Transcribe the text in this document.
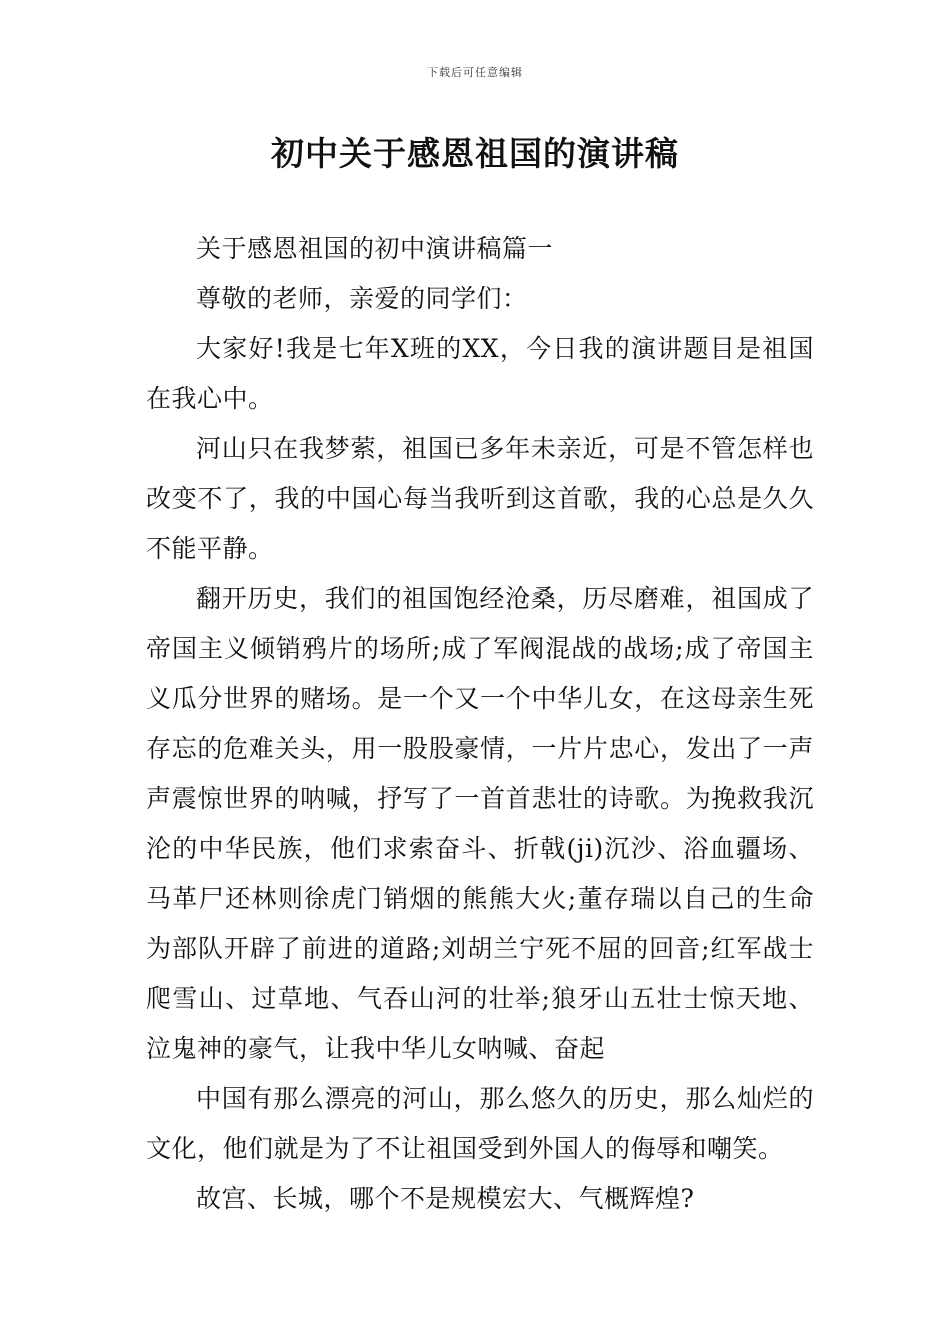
下载后可任意编辑
初中关于感恩祖国的演讲稿

关于感恩祖国的初中演讲稿篇一

尊敬的老师，亲爱的同学们：

大家好!我是七年X班的XX，今日我的演讲题目是祖国在我心中。

河山只在我梦萦，祖国已多年未亲近，可是不管怎样也改变不了，我的中国心每当我听到这首歌，我的心总是久久不能平静。

翻开历史，我们的祖国饱经沧桑，历尽磨难，祖国成了帝国主义倾销鸦片的场所;成了军阀混战的战场;成了帝国主义瓜分世界的赌场。是一个又一个中华儿女，在这母亲生死存忘的危难关头，用一股股豪情，一片片忠心，发出了一声声震惊世界的呐喊，抒写了一首首悲壮的诗歌。为挽救我沉沦的中华民族，他们求索奋斗、折戟(ji)沉沙、浴血疆场、马革尸还林则徐虎门销烟的熊熊大火;董存瑞以自己的生命为部队开辟了前进的道路;刘胡兰宁死不屈的回音;红军战士爬雪山、过草地、气吞山河的壮举;狼牙山五壮士惊天地、泣鬼神的豪气，让我中华儿女呐喊、奋起

中国有那么漂亮的河山，那么悠久的历史，那么灿烂的文化，他们就是为了不让祖国受到外国人的侮辱和嘲笑。

故宫、长城，哪个不是规模宏大、气概辉煌?
